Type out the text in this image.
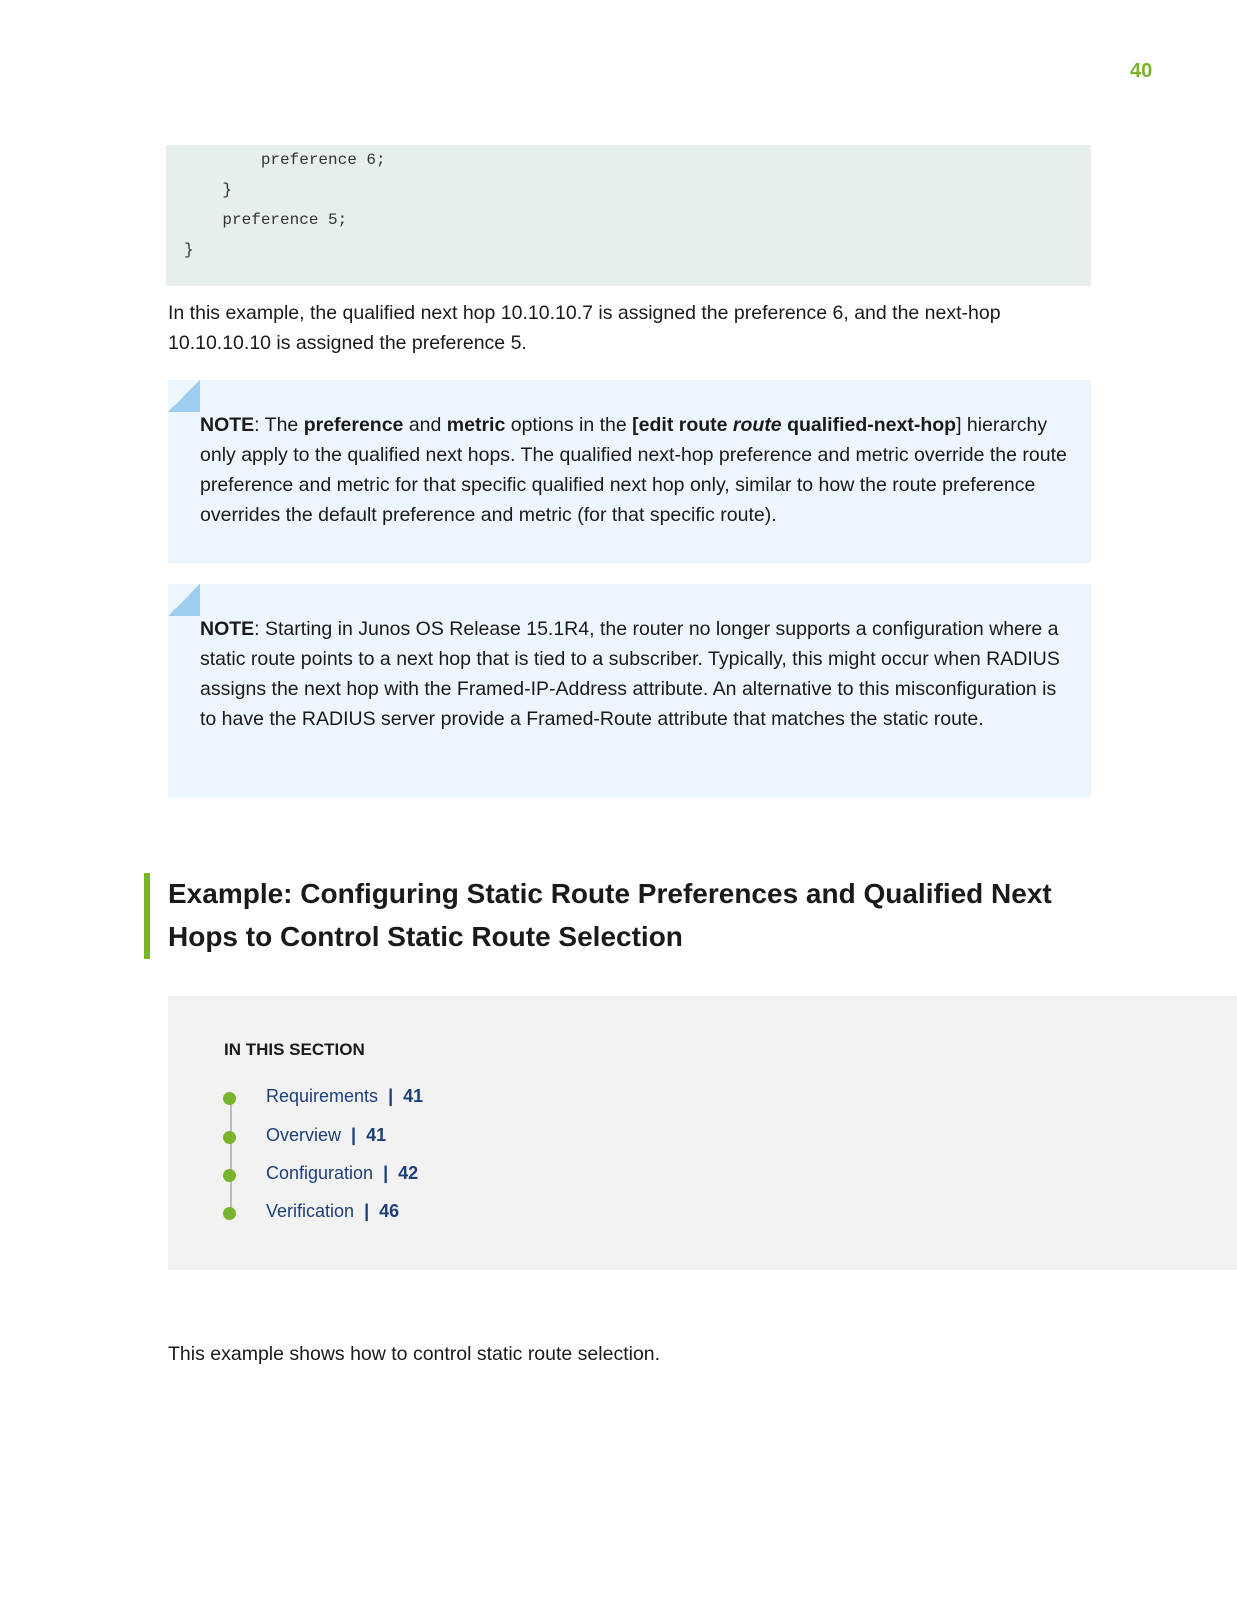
40
preference 6;
}
preference 5;
}
In this example, the qualified next hop 10.10.10.7 is assigned the preference 6, and the next-hop
10.10.10.10 is assigned the preference 5.
NOTE: The preference and metric options in the [edit route route qualified-next-hop] hierarchy only apply to the qualified next hops. The qualified next-hop preference and metric override the route preference and metric for that specific qualified next hop only, similar to how the route preference overrides the default preference and metric (for that specific route).
NOTE: Starting in Junos OS Release 15.1R4, the router no longer supports a configuration where a static route points to a next hop that is tied to a subscriber. Typically, this might occur when RADIUS assigns the next hop with the Framed-IP-Address attribute. An alternative to this misconfiguration is to have the RADIUS server provide a Framed-Route attribute that matches the static route.
Example: Configuring Static Route Preferences and Qualified Next Hops to Control Static Route Selection
IN THIS SECTION
Requirements | 41
Overview | 41
Configuration | 42
Verification | 46
This example shows how to control static route selection.
